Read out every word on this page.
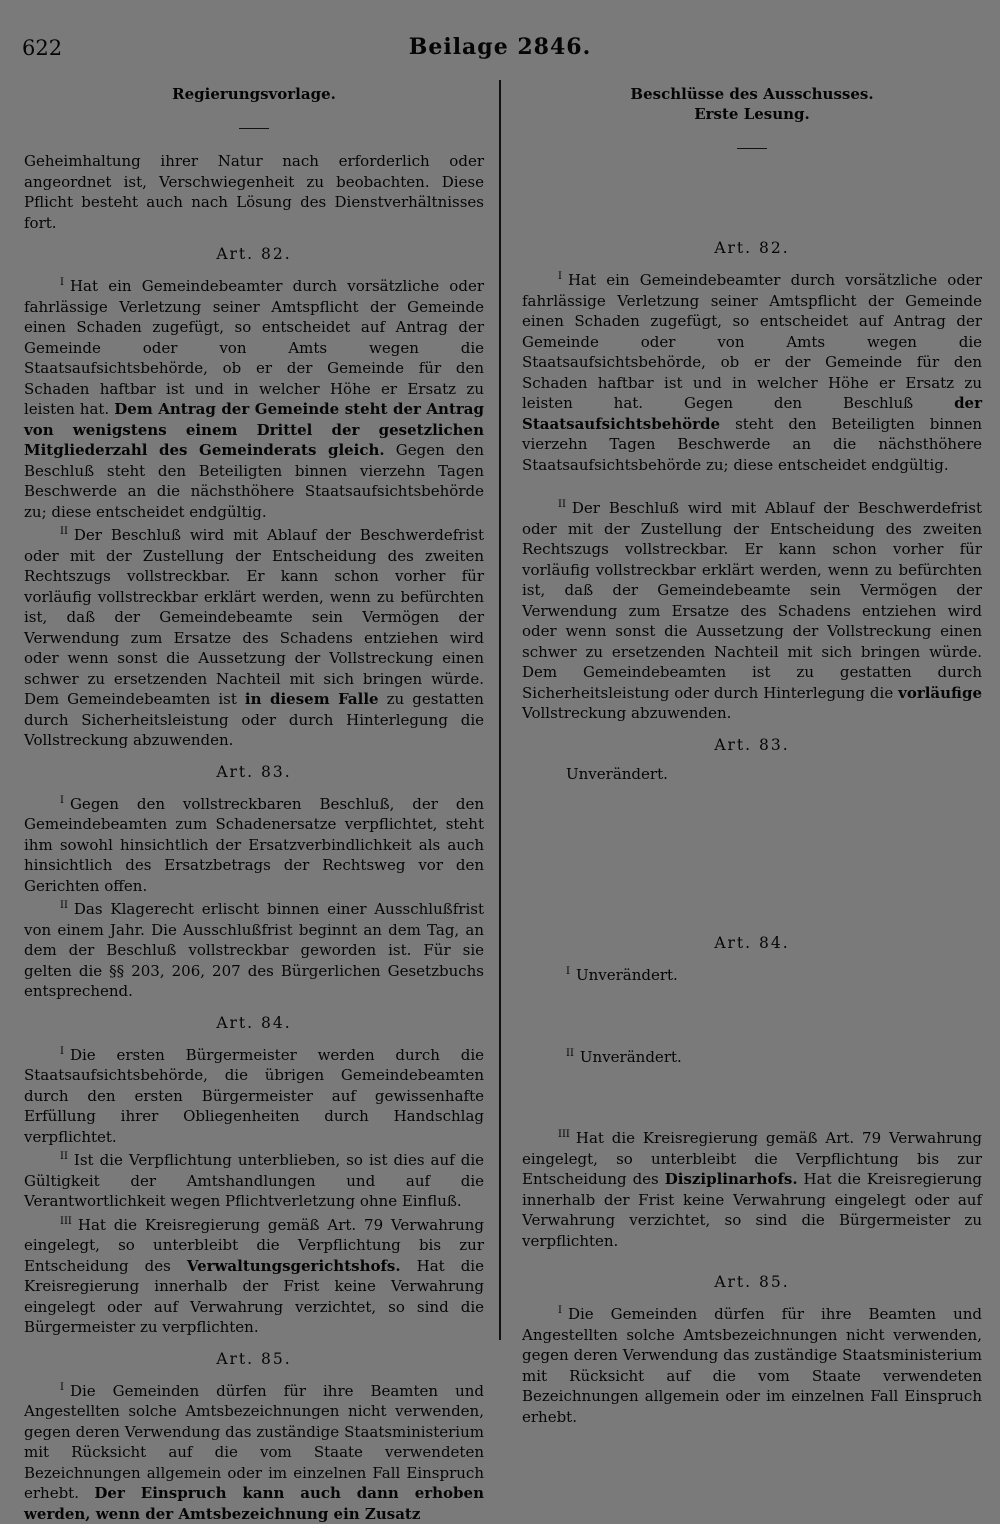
622	Beilage 2846.
Regierungsvorlage.

Geheimhaltung ihrer Natur nach erforderlich oder angeordnet ist, Verschwiegenheit zu beobachten. Diese Pflicht besteht auch nach Lösung des Dienstverhältnisses fort.

Art. 82.

$^I$ Hat ein Gemeindebeamter durch vorsätzliche oder fahrlässige Verletzung seiner Amtspflicht der Gemeinde einen Schaden zugefügt, so entscheidet auf Antrag der Gemeinde oder von Amts wegen die Staatsaufsichtsbehörde, ob er der Gemeinde für den Schaden haftbar ist und in welcher Höhe er Ersatz zu leisten hat. Dem Antrag der Gemeinde steht der Antrag von wenigstens einem Drittel der gesetzlichen Mitgliederzahl des Gemeinderats gleich. Gegen den Beschluß steht den Beteiligten binnen vierzehn Tagen Beschwerde an die nächsthöhere Staatsaufsichtsbehörde zu; diese entscheidet endgültig.

$^{II}$ Der Beschluß wird mit Ablauf der Beschwerdefrist oder mit der Zustellung der Entscheidung des zweiten Rechtszugs vollstreckbar. Er kann schon vorher für vorläufig vollstreckbar erklärt werden, wenn zu befürchten ist, daß der Gemeindebeamte sein Vermögen der Verwendung zum Ersatze des Schadens entziehen wird oder wenn sonst die Aussetzung der Vollstreckung einen schwer zu ersetzenden Nachteil mit sich bringen würde. Dem Gemeindebeamten ist in diesem Falle zu gestatten durch Sicherheitsleistung oder durch Hinterlegung die Vollstreckung abzuwenden.

Art. 83.

$^I$ Gegen den vollstreckbaren Beschluß, der den Gemeindebeamten zum Schadenersatze verpflichtet, steht ihm sowohl hinsichtlich der Ersatzverbindlichkeit als auch hinsichtlich des Ersatzbetrags der Rechtsweg vor den Gerichten offen.

$^{II}$ Das Klagerecht erlischt binnen einer Ausschlußfrist von einem Jahr. Die Ausschlußfrist beginnt an dem Tag, an dem der Beschluß vollstreckbar geworden ist. Für sie gelten die §§ 203, 206, 207 des Bürgerlichen Gesetzbuchs entsprechend.

Art. 84.

$^I$ Die ersten Bürgermeister werden durch die Staatsaufsichtsbehörde, die übrigen Gemeindebeamten durch den ersten Bürgermeister auf gewissenhafte Erfüllung ihrer Obliegenheiten durch Handschlag verpflichtet.

$^{II}$ Ist die Verpflichtung unterblieben, so ist dies auf die Gültigkeit der Amtshandlungen und auf die Verantwortlichkeit wegen Pflichtverletzung ohne Einfluß.

$^{III}$ Hat die Kreisregierung gemäß Art. 79 Verwahrung eingelegt, so unterbleibt die Verpflichtung bis zur Entscheidung des Verwaltungsgerichtshofs. Hat die Kreisregierung innerhalb der Frist keine Verwahrung eingelegt oder auf Verwahrung verzichtet, so sind die Bürgermeister zu verpflichten.

Art. 85.

$^I$ Die Gemeinden dürfen für ihre Beamten und Angestellten solche Amtsbezeichnungen nicht verwenden, gegen deren Verwendung das zuständige Staatsministerium mit Rücksicht auf die vom Staate verwendeten Bezeichnungen allgemein oder im einzelnen Fall Einspruch erhebt. Der Einspruch kann auch dann erhoben werden, wenn der Amtsbezeichnung ein Zusatz

Beschlüsse des Ausschusses.
Erste Lesung.
Art. 82.

$^I$ Hat ein Gemeindebeamter durch vorsätzliche oder fahrlässige Verletzung seiner Amtspflicht der Gemeinde einen Schaden zugefügt, so entscheidet auf Antrag der Gemeinde oder von Amts wegen die Staatsaufsichtsbehörde, ob er der Gemeinde für den Schaden haftbar ist und in welcher Höhe er Ersatz zu leisten hat. Gegen den Beschluß	der Staatsaufsichtsbehörde steht den Beteiligten binnen vierzehn Tagen Beschwerde an die nächsthöhere Staatsaufsichtsbehörde zu; diese entscheidet endgültig.

$^{II}$ Der Beschluß wird mit Ablauf der Beschwerdefrist oder mit der Zustellung der Entscheidung des zweiten Rechtszugs vollstreckbar. Er kann schon vorher für vorläufig vollstreckbar erklärt werden, wenn zu befürchten ist, daß der Gemeindebeamte sein Vermögen der Verwendung zum Ersatze des Schadens entziehen wird oder wenn sonst die Aussetzung der Vollstreckung einen schwer zu ersetzenden Nachteil mit sich bringen würde. Dem Gemeindebeamten ist zu gestatten durch Sicherheitsleistung oder durch Hinterlegung die vorläufige Vollstreckung abzuwenden.

Art. 83.

Unverändert.

Art. 84.

$^I$ Unverändert.

$^{II}$ Unverändert.

$^{III}$ Hat die Kreisregierung gemäß Art. 79 Verwahrung eingelegt, so unterbleibt die Verpflichtung bis zur Entscheidung des Disziplinarhofs. Hat die Kreisregierung innerhalb der Frist keine Verwahrung eingelegt oder auf Verwahrung verzichtet, so sind die Bürgermeister zu verpflichten.

Art. 85.

$^I$ Die Gemeinden dürfen für ihre Beamten und Angestellten solche Amtsbezeichnungen nicht verwenden, gegen deren Verwendung das zuständige Staatsministerium mit Rücksicht auf die vom Staate verwendeten Bezeichnungen allgemein oder im einzelnen Fall Einspruch erhebt.
